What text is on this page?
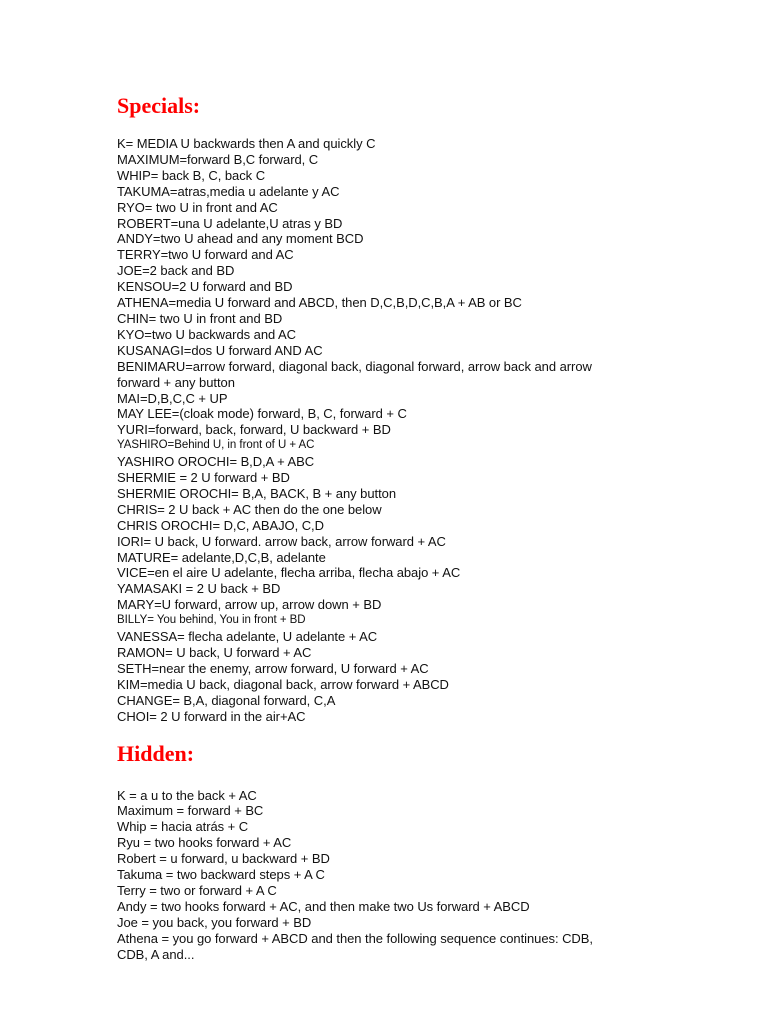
Specials:
K= MEDIA U backwards then A and quickly C
MAXIMUM=forward B,C forward, C
WHIP= back B, C, back C
TAKUMA=atras,media u adelante y AC
RYO= two U in front and AC
ROBERT=una U adelante,U atras y BD
ANDY=two U ahead and any moment BCD
TERRY=two U forward and AC
JOE=2 back and BD
KENSOU=2 U forward and BD
ATHENA=media U forward and ABCD, then D,C,B,D,C,B,A + AB or BC
CHIN= two U in front and BD
KYO=two U backwards and AC
KUSANAGI=dos U forward AND AC
BENIMARU=arrow forward, diagonal back, diagonal forward, arrow back and arrow forward + any button
MAI=D,B,C,C + UP
MAY LEE=(cloak mode) forward, B, C, forward + C
YURI=forward, back, forward, U backward + BD
YASHIRO=Behind U, in front of U + AC
YASHIRO OROCHI= B,D,A + ABC
SHERMIE = 2 U forward + BD
SHERMIE OROCHI= B,A, BACK, B + any button
CHRIS= 2 U back + AC then do the one below
CHRIS OROCHI= D,C, ABAJO, C,D
IORI= U back, U forward. arrow back, arrow forward + AC
MATURE= adelante,D,C,B, adelante
VICE=en el aire U adelante, flecha arriba, flecha abajo + AC
YAMASAKI = 2 U back + BD
MARY=U forward, arrow up, arrow down + BD
BILLY= You behind, You in front + BD
VANESSA= flecha adelante, U adelante + AC
RAMON= U back, U forward + AC
SETH=near the enemy, arrow forward, U forward + AC
KIM=media U back, diagonal back, arrow forward + ABCD
CHANGE= B,A, diagonal forward, C,A
CHOI= 2 U forward in the air+AC
Hidden:
K = a u to the back + AC
Maximum = forward + BC
Whip = hacia atrás + C
Ryu = two hooks forward + AC
Robert = u forward, u backward + BD
Takuma = two backward steps + A C
Terry = two or forward + A C
Andy = two hooks forward + AC, and then make two Us forward + ABCD
Joe = you back, you forward + BD
Athena = you go forward + ABCD and then the following sequence continues: CDB, CDB, A and...
